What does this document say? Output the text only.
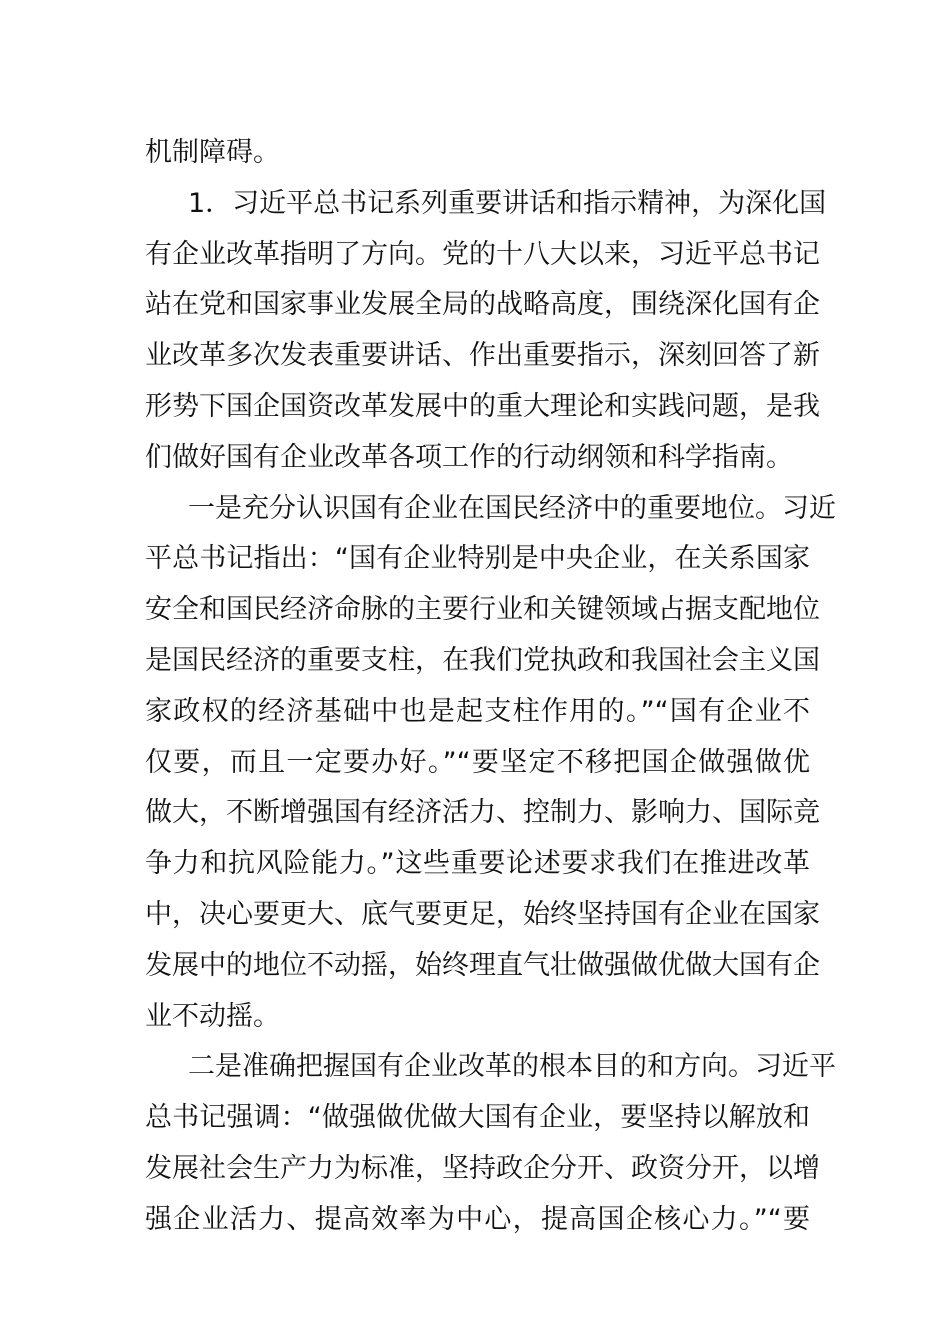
机制障碍。
1．习近平总书记系列重要讲话和指示精神，为深化国
有企业改革指明了方向。党的十八大以来，习近平总书记
站在党和国家事业发展全局的战略高度，围绕深化国有企
业改革多次发表重要讲话、作出重要指示，深刻回答了新
形势下国企国资改革发展中的重大理论和实践问题，是我
们做好国有企业改革各项工作的行动纲领和科学指南。
一是充分认识国有企业在国民经济中的重要地位。习近
平总书记指出：“国有企业特别是中央企业，在关系国家
安全和国民经济命脉的主要行业和关键领域占据支配地位
是国民经济的重要支柱，在我们党执政和我国社会主义国
家政权的经济基础中也是起支柱作用的。”“国有企业不
仅要，而且一定要办好。”“要坚定不移把国企做强做优
做大，不断增强国有经济活力、控制力、影响力、国际竞
争力和抗风险能力。”这些重要论述要求我们在推进改革
中，决心要更大、底气要更足，始终坚持国有企业在国家
发展中的地位不动摇，始终理直气壮做强做优做大国有企
业不动摇。
二是准确把握国有企业改革的根本目的和方向。习近平
总书记强调：“做强做优做大国有企业，要坚持以解放和
发展社会生产力为标准，坚持政企分开、政资分开，以增
强企业活力、提高效率为中心，提高国企核心力。”“要
